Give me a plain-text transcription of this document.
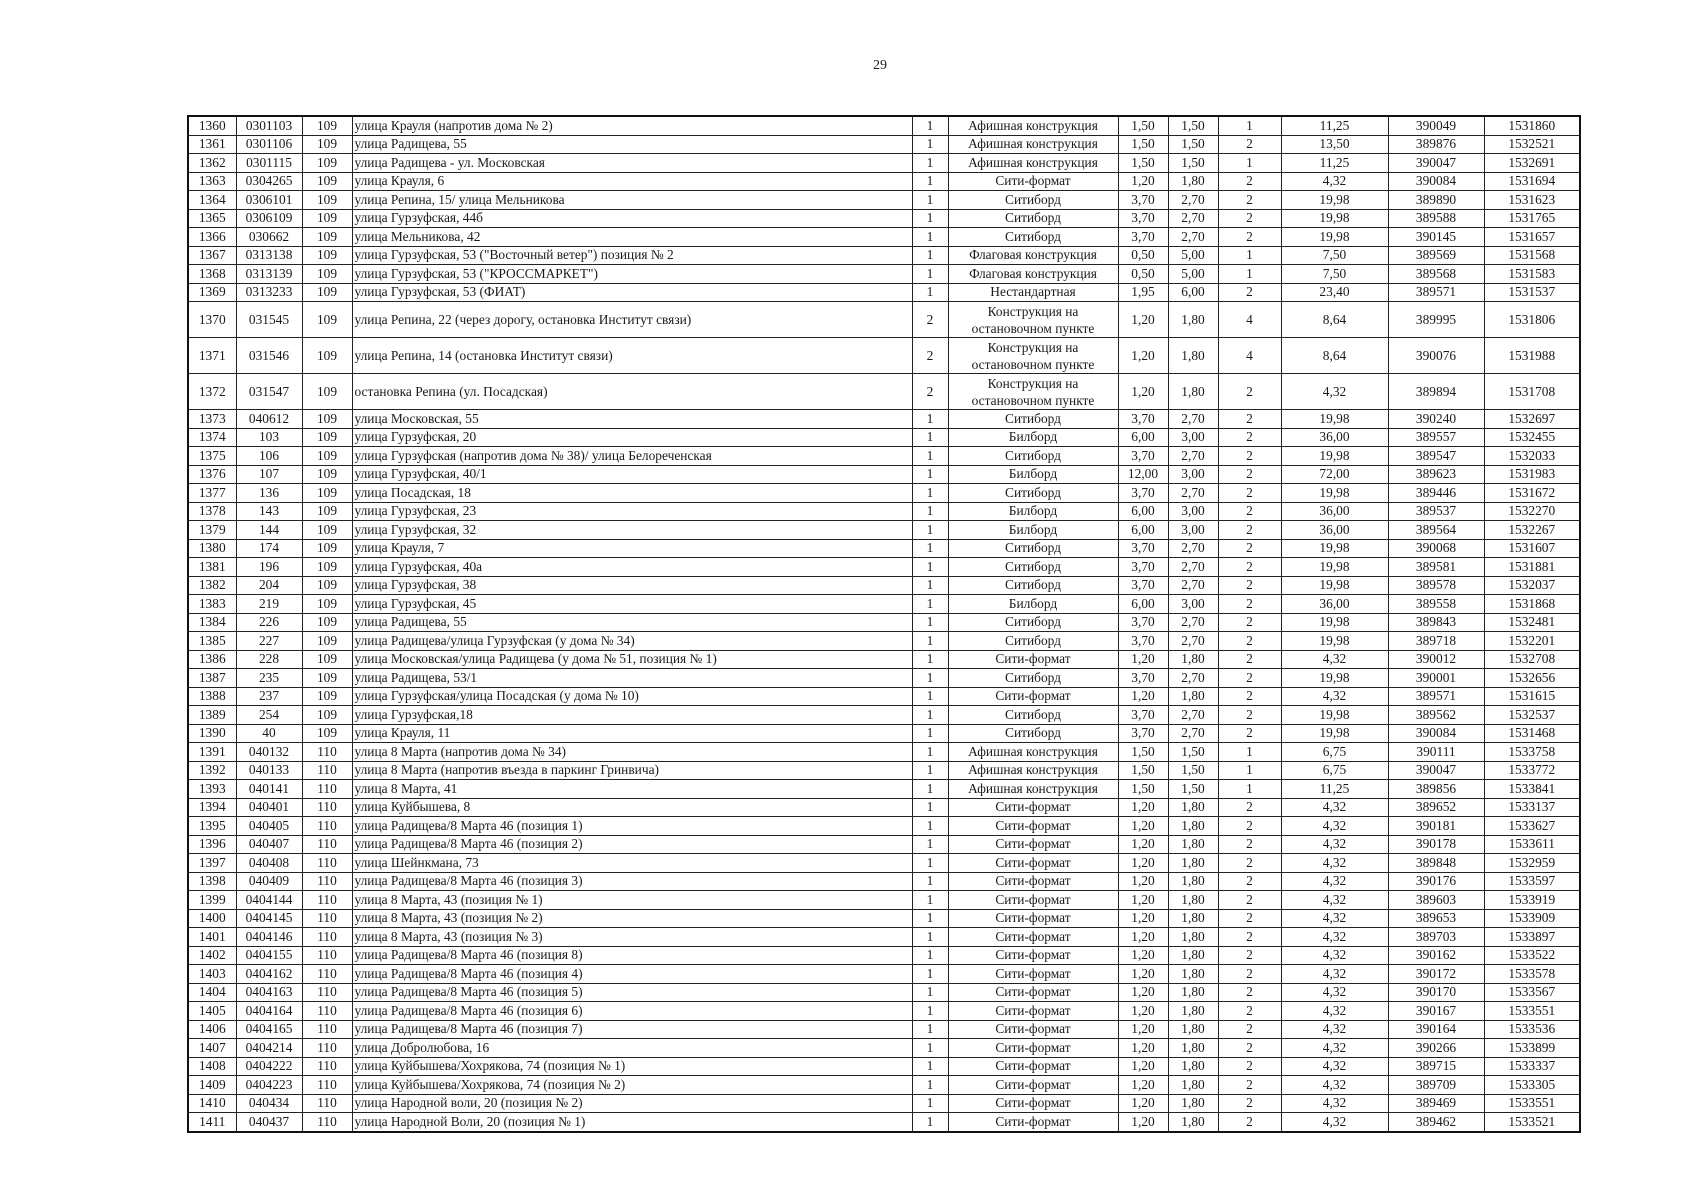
29
1360	0301103	109	улица Крауля (напротив дома № 2)	1	Афишная конструкция	1,50	1,50	1	11,25	390049	1531860
1361	0301106	109	улица Радищева, 55	1	Афишная конструкция	1,50	1,50	2	13,50	389876	1532521
1362	0301115	109	улица Радищева - ул. Московская	1	Афишная конструкция	1,50	1,50	1	11,25	390047	1532691
1363	0304265	109	улица Крауля, 6	1	Сити-формат	1,20	1,80	2	4,32	390084	1531694
1364	0306101	109	улица Репина, 15/ улица Мельникова	1	Ситиборд	3,70	2,70	2	19,98	389890	1531623
1365	0306109	109	улица Гурзуфская, 44б	1	Ситиборд	3,70	2,70	2	19,98	389588	1531765
1366	030662	109	улица Мельникова, 42	1	Ситиборд	3,70	2,70	2	19,98	390145	1531657
1367	0313138	109	улица Гурзуфская, 53 ("Восточный ветер") позиция № 2	1	Флаговая конструкция	0,50	5,00	1	7,50	389569	1531568
1368	0313139	109	улица Гурзуфская, 53 ("КРОССМАРКЕТ")	1	Флаговая конструкция	0,50	5,00	1	7,50	389568	1531583
1369	0313233	109	улица Гурзуфская, 53 (ФИАТ)	1	Нестандартная	1,95	6,00	2	23,40	389571	1531537
1370	031545	109	улица Репина, 22 (через дорогу, остановка Институт связи)	2	Конструкция на остановочном пункте	1,20	1,80	4	8,64	389995	1531806
1371	031546	109	улица Репина, 14 (остановка Институт связи)	2	Конструкция на остановочном пункте	1,20	1,80	4	8,64	390076	1531988
1372	031547	109	остановка Репина (ул. Посадская)	2	Конструкция на остановочном пункте	1,20	1,80	2	4,32	389894	1531708
1373	040612	109	улица Московская, 55	1	Ситиборд	3,70	2,70	2	19,98	390240	1532697
1374	103	109	улица Гурзуфская, 20	1	Билборд	6,00	3,00	2	36,00	389557	1532455
1375	106	109	улица Гурзуфская (напротив дома № 38)/ улица Белореченская	1	Ситиборд	3,70	2,70	2	19,98	389547	1532033
1376	107	109	улица Гурзуфская, 40/1	1	Билборд	12,00	3,00	2	72,00	389623	1531983
1377	136	109	улица Посадская, 18	1	Ситиборд	3,70	2,70	2	19,98	389446	1531672
1378	143	109	улица Гурзуфская, 23	1	Билборд	6,00	3,00	2	36,00	389537	1532270
1379	144	109	улица Гурзуфская, 32	1	Билборд	6,00	3,00	2	36,00	389564	1532267
1380	174	109	улица Крауля, 7	1	Ситиборд	3,70	2,70	2	19,98	390068	1531607
1381	196	109	улица Гурзуфская, 40а	1	Ситиборд	3,70	2,70	2	19,98	389581	1531881
1382	204	109	улица Гурзуфская, 38	1	Ситиборд	3,70	2,70	2	19,98	389578	1532037
1383	219	109	улица Гурзуфская, 45	1	Билборд	6,00	3,00	2	36,00	389558	1531868
1384	226	109	улица Радищева, 55	1	Ситиборд	3,70	2,70	2	19,98	389843	1532481
1385	227	109	улица Радищева/улица Гурзуфская (у дома № 34)	1	Ситиборд	3,70	2,70	2	19,98	389718	1532201
1386	228	109	улица Московская/улица Радищева (у дома № 51, позиция № 1)	1	Сити-формат	1,20	1,80	2	4,32	390012	1532708
1387	235	109	улица Радищева, 53/1	1	Ситиборд	3,70	2,70	2	19,98	390001	1532656
1388	237	109	улица Гурзуфская/улица Посадская (у дома № 10)	1	Сити-формат	1,20	1,80	2	4,32	389571	1531615
1389	254	109	улица Гурзуфская,18	1	Ситиборд	3,70	2,70	2	19,98	389562	1532537
1390	40	109	улица Крауля, 11	1	Ситиборд	3,70	2,70	2	19,98	390084	1531468
1391	040132	110	улица 8 Марта (напротив дома № 34)	1	Афишная конструкция	1,50	1,50	1	6,75	390111	1533758
1392	040133	110	улица 8 Марта (напротив въезда в паркинг Гринвича)	1	Афишная конструкция	1,50	1,50	1	6,75	390047	1533772
1393	040141	110	улица 8 Марта, 41	1	Афишная конструкция	1,50	1,50	1	11,25	389856	1533841
1394	040401	110	улица Куйбышева, 8	1	Сити-формат	1,20	1,80	2	4,32	389652	1533137
1395	040405	110	улица Радищева/8 Марта 46 (позиция 1)	1	Сити-формат	1,20	1,80	2	4,32	390181	1533627
1396	040407	110	улица Радищева/8 Марта 46 (позиция 2)	1	Сити-формат	1,20	1,80	2	4,32	390178	1533611
1397	040408	110	улица Шейнкмана, 73	1	Сити-формат	1,20	1,80	2	4,32	389848	1532959
1398	040409	110	улица Радищева/8 Марта 46 (позиция 3)	1	Сити-формат	1,20	1,80	2	4,32	390176	1533597
1399	0404144	110	улица 8 Марта, 43 (позиция № 1)	1	Сити-формат	1,20	1,80	2	4,32	389603	1533919
1400	0404145	110	улица 8 Марта, 43 (позиция № 2)	1	Сити-формат	1,20	1,80	2	4,32	389653	1533909
1401	0404146	110	улица 8 Марта, 43 (позиция № 3)	1	Сити-формат	1,20	1,80	2	4,32	389703	1533897
1402	0404155	110	улица Радищева/8 Марта 46 (позиция 8)	1	Сити-формат	1,20	1,80	2	4,32	390162	1533522
1403	0404162	110	улица Радищева/8 Марта 46 (позиция 4)	1	Сити-формат	1,20	1,80	2	4,32	390172	1533578
1404	0404163	110	улица Радищева/8 Марта 46 (позиция 5)	1	Сити-формат	1,20	1,80	2	4,32	390170	1533567
1405	0404164	110	улица Радищева/8 Марта 46 (позиция 6)	1	Сити-формат	1,20	1,80	2	4,32	390167	1533551
1406	0404165	110	улица Радищева/8 Марта 46 (позиция 7)	1	Сити-формат	1,20	1,80	2	4,32	390164	1533536
1407	0404214	110	улица Добролюбова, 16	1	Сити-формат	1,20	1,80	2	4,32	390266	1533899
1408	0404222	110	улица Куйбышева/Хохрякова, 74 (позиция № 1)	1	Сити-формат	1,20	1,80	2	4,32	389715	1533337
1409	0404223	110	улица Куйбышева/Хохрякова, 74 (позиция № 2)	1	Сити-формат	1,20	1,80	2	4,32	389709	1533305
1410	040434	110	улица Народной воли, 20 (позиция № 2)	1	Сити-формат	1,20	1,80	2	4,32	389469	1533551
1411	040437	110	улица Народной Воли, 20 (позиция № 1)	1	Сити-формат	1,20	1,80	2	4,32	389462	1533521
